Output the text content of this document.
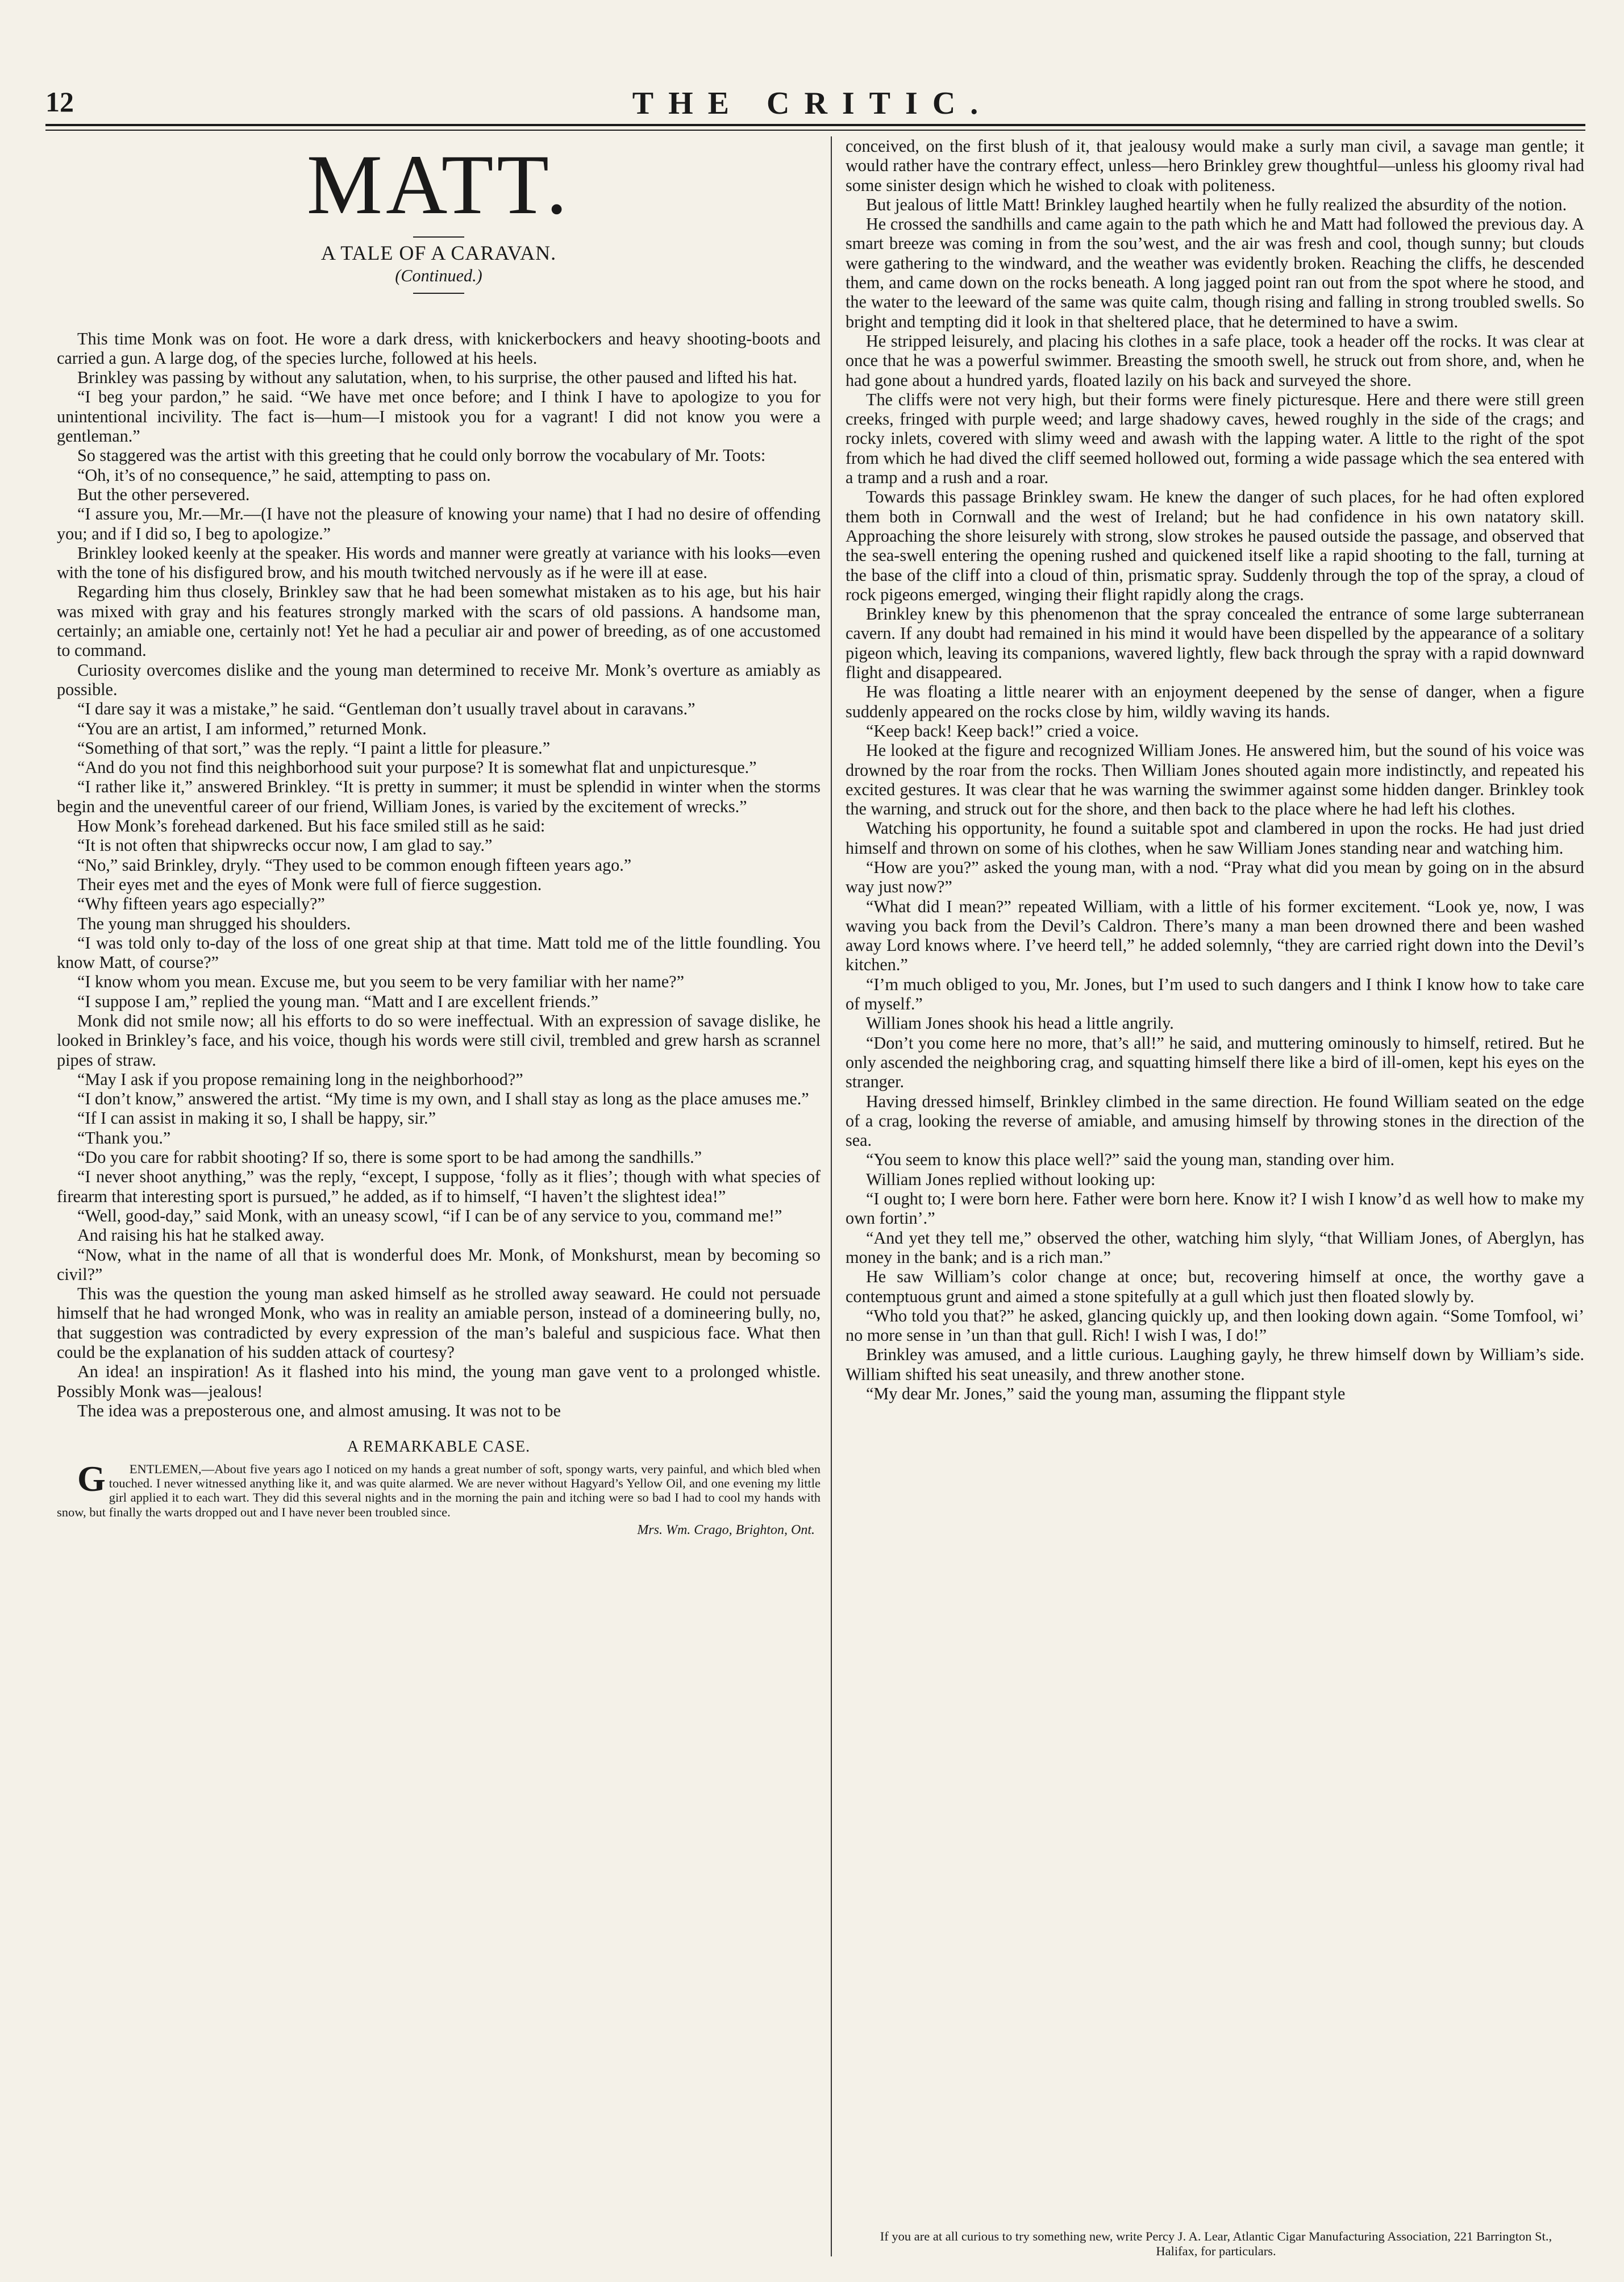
12	THE CRITIC.
MATT.
A TALE OF A CARAVAN.
(Continued.)

This time Monk was on foot. He wore a dark dress, with knickerbockers and heavy shooting-boots and carried a gun. A large dog, of the species lurche, followed at his heels.

Brinkley was passing by without any salutation, when, to his surprise, the other paused and lifted his hat.

“I beg your pardon,” he said. “We have met once before; and I think I have to apologize to you for unintentional incivility. The fact is—hum—I mistook you for a vagrant! I did not know you were a gentleman.”

So staggered was the artist with this greeting that he could only borrow the vocabulary of Mr. Toots:

“Oh, it’s of no consequence,” he said, attempting to pass on.

But the other persevered.

“I assure you, Mr.—Mr.—(I have not the pleasure of knowing your name) that I had no desire of offending you; and if I did so, I beg to apologize.”

Brinkley looked keenly at the speaker. His words and manner were greatly at variance with his looks—even with the tone of his disfigured brow, and his mouth twitched nervously as if he were ill at ease.

Regarding him thus closely, Brinkley saw that he had been somewhat mistaken as to his age, but his hair was mixed with gray and his features strongly marked with the scars of old passions. A handsome man, certainly; an amiable one, certainly not! Yet he had a peculiar air and power of breeding, as of one accustomed to command.

Curiosity overcomes dislike and the young man determined to receive Mr. Monk’s overture as amiably as possible.

“I dare say it was a mistake,” he said. “Gentleman don’t usually travel about in caravans.”

“You are an artist, I am informed,” returned Monk.

“Something of that sort,” was the reply. “I paint a little for pleasure.”

“And do you not find this neighborhood suit your purpose? It is somewhat flat and unpicturesque.”

“I rather like it,” answered Brinkley. “It is pretty in summer; it must be splendid in winter when the storms begin and the uneventful career of our friend, William Jones, is varied by the excitement of wrecks.”

How Monk’s forehead darkened. But his face smiled still as he said:

“It is not often that shipwrecks occur now, I am glad to say.”

“No,” said Brinkley, dryly. “They used to be common enough fifteen years ago.”

Their eyes met and the eyes of Monk were full of fierce suggestion.

“Why fifteen years ago especially?”

The young man shrugged his shoulders.

“I was told only to-day of the loss of one great ship at that time. Matt told me of the little foundling. You know Matt, of course?”

“I know whom you mean. Excuse me, but you seem to be very familiar with her name?”

“I suppose I am,” replied the young man. “Matt and I are excellent friends.”

Monk did not smile now; all his efforts to do so were ineffectual. With an expression of savage dislike, he looked in Brinkley’s face, and his voice, though his words were still civil, trembled and grew harsh as scrannel pipes of straw.

“May I ask if you propose remaining long in the neighborhood?”

“I don’t know,” answered the artist. “My time is my own, and I shall stay as long as the place amuses me.”

“If I can assist in making it so, I shall be happy, sir.”

“Thank you.”

“Do you care for rabbit shooting? If so, there is some sport to be had among the sandhills.”

“I never shoot anything,” was the reply, “except, I suppose, ‘folly as it flies’; though with what species of firearm that interesting sport is pursued,” he added, as if to himself, “I haven’t the slightest idea!”

“Well, good-day,” said Monk, with an uneasy scowl, “if I can be of any service to you, command me!”

And raising his hat he stalked away.

“Now, what in the name of all that is wonderful does Mr. Monk, of Monkshurst, mean by becoming so civil?”

This was the question the young man asked himself as he strolled away seaward. He could not persuade himself that he had wronged Monk, who was in reality an amiable person, instead of a domineering bully, no, that suggestion was contradicted by every expression of the man’s baleful and suspicious face. What then could be the explanation of his sudden attack of courtesy?

An idea! an inspiration! As it flashed into his mind, the young man gave vent to a prolonged whistle. Possibly Monk was—jealous!

The idea was a preposterous one, and almost amusing. It was not to be

A REMARKABLE CASE.

G ENTLEMEN,—About five years ago I noticed on my hands a great number of soft, spongy warts, very painful, and which bled when touched. I never witnessed anything like it, and was quite alarmed. We are never without Hagyard’s Yellow Oil, and one evening my little girl applied it to each wart. They did this several nights and in the morning the pain and itching were so bad I had to cool my hands with snow, but finally the warts dropped out and I have never been troubled since.

Mrs. Wm. Crago, Brighton, Ont.

conceived, on the first blush of it, that jealousy would make a surly man civil, a savage man gentle; it would rather have the contrary effect, unless—hero Brinkley grew thoughtful—unless his gloomy rival had some sinister design which he wished to cloak with politeness.

But jealous of little Matt! Brinkley laughed heartily when he fully realized the absurdity of the notion.

He crossed the sandhills and came again to the path which he and Matt had followed the previous day. A smart breeze was coming in from the sou’west, and the air was fresh and cool, though sunny; but clouds were gathering to the windward, and the weather was evidently broken. Reaching the cliffs, he descended them, and came down on the rocks beneath. A long jagged point ran out from the spot where he stood, and the water to the leeward of the same was quite calm, though rising and falling in strong troubled swells. So bright and tempting did it look in that sheltered place, that he determined to have a swim.

He stripped leisurely, and placing his clothes in a safe place, took a header off the rocks. It was clear at once that he was a powerful swimmer. Breasting the smooth swell, he struck out from shore, and, when he had gone about a hundred yards, floated lazily on his back and surveyed the shore.

The cliffs were not very high, but their forms were finely picturesque. Here and there were still green creeks, fringed with purple weed; and large shadowy caves, hewed roughly in the side of the crags; and rocky inlets, covered with slimy weed and awash with the lapping water. A little to the right of the spot from which he had dived the cliff seemed hollowed out, forming a wide passage which the sea entered with a tramp and a rush and a roar.

Towards this passage Brinkley swam. He knew the danger of such places, for he had often explored them both in Cornwall and the west of Ireland; but he had confidence in his own natatory skill. Approaching the shore leisurely with strong, slow strokes he paused outside the passage, and observed that the sea-swell entering the opening rushed and quickened itself like a rapid shooting to the fall, turning at the base of the cliff into a cloud of thin, prismatic spray. Suddenly through the top of the spray, a cloud of rock pigeons emerged, winging their flight rapidly along the crags.

Brinkley knew by this phenomenon that the spray concealed the entrance of some large subterranean cavern. If any doubt had remained in his mind it would have been dispelled by the appearance of a solitary pigeon which, leaving its companions, wavered lightly, flew back through the spray with a rapid downward flight and disappeared.

He was floating a little nearer with an enjoyment deepened by the sense of danger, when a figure suddenly appeared on the rocks close by him, wildly waving its hands.

“Keep back! Keep back!” cried a voice.

He looked at the figure and recognized William Jones. He answered him, but the sound of his voice was drowned by the roar from the rocks. Then William Jones shouted again more indistinctly, and repeated his excited gestures. It was clear that he was warning the swimmer against some hidden danger. Brinkley took the warning, and struck out for the shore, and then back to the place where he had left his clothes.

Watching his opportunity, he found a suitable spot and clambered in upon the rocks. He had just dried himself and thrown on some of his clothes, when he saw William Jones standing near and watching him.

“How are you?” asked the young man, with a nod. “Pray what did you mean by going on in the absurd way just now?”

“What did I mean?” repeated William, with a little of his former excitement. “Look ye, now, I was waving you back from the Devil’s Caldron. There’s many a man been drowned there and been washed away Lord knows where. I’ve heerd tell,” he added solemnly, “they are carried right down into the Devil’s kitchen.”

“I’m much obliged to you, Mr. Jones, but I’m used to such dangers and I think I know how to take care of myself.”

William Jones shook his head a little angrily.

“Don’t you come here no more, that’s all!” he said, and muttering ominously to himself, retired. But he only ascended the neighboring crag, and squatting himself there like a bird of ill-omen, kept his eyes on the stranger.

Having dressed himself, Brinkley climbed in the same direction. He found William seated on the edge of a crag, looking the reverse of amiable, and amusing himself by throwing stones in the direction of the sea.

“You seem to know this place well?” said the young man, standing over him.

William Jones replied without looking up:

“I ought to; I were born here. Father were born here. Know it? I wish I know’d as well how to make my own fortin’.”

“And yet they tell me,” observed the other, watching him slyly, “that William Jones, of Aberglyn, has money in the bank; and is a rich man.”

He saw William’s color change at once; but, recovering himself at once, the worthy gave a contemptuous grunt and aimed a stone spitefully at a gull which just then floated slowly by.

“Who told you that?” he asked, glancing quickly up, and then looking down again. “Some Tomfool, wi’ no more sense in ’un than that gull. Rich! I wish I was, I do!”

Brinkley was amused, and a little curious. Laughing gayly, he threw himself down by William’s side. William shifted his seat uneasily, and threw another stone.

“My dear Mr. Jones,” said the young man, assuming the flippant style

If you are at all curious to try something new, write Percy J. A. Lear, Atlantic Cigar Manufacturing Association, 221 Barrington St., Halifax, for particulars.
